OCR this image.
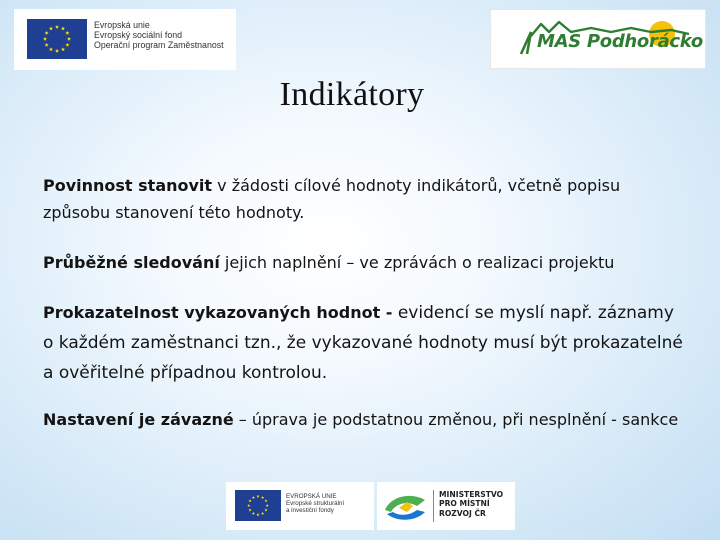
Evropská unie
Evropský sociální fond
Operační program Zaměstnanost	MAS Podhorácko
Indikátory

Povinnost stanovit v žádosti cílové hodnoty indikátorů, včetně popisu způsobu stanovení této hodnoty.

Průběžné sledování jejich naplnění – ve zprávách o realizaci projektu

Prokazatelnost vykazovaných hodnot - evidencí se myslí např. záznamy o každém zaměstnanci tzn., že vykazované hodnoty musí být prokazatelné a ověřitelné případnou kontrolou.

Nastavení je závazné – úprava je podstatnou změnou, při nesplnění - sankce

EVROPSKÁ UNIE
Evropské strukturální
a investiční fondy
MINISTERSTVO
PRO MÍSTNÍ
ROZVOJ ČR
